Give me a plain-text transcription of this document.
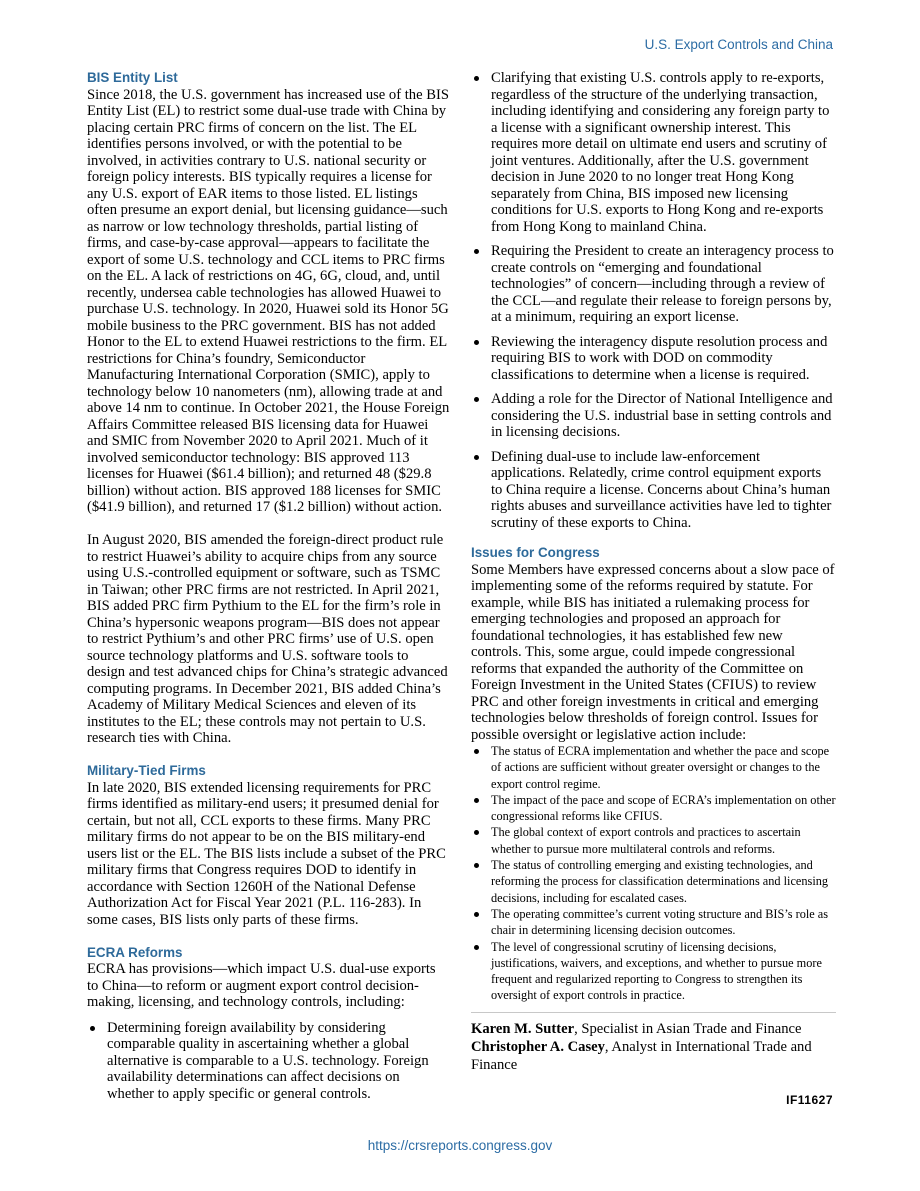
U.S. Export Controls and China
BIS Entity List

Since 2018, the U.S. government has increased use of the BIS Entity List (EL) to restrict some dual-use trade with China by placing certain PRC firms of concern on the list. The EL identifies persons involved, or with the potential to be involved, in activities contrary to U.S. national security or foreign policy interests. BIS typically requires a license for any U.S. export of EAR items to those listed. EL listings often presume an export denial, but licensing guidance—such as narrow or low technology thresholds, partial listing of firms, and case-by-case approval—appears to facilitate the export of some U.S. technology and CCL items to PRC firms on the EL. A lack of restrictions on 4G, 6G, cloud, and, until recently, undersea cable technologies has allowed Huawei to purchase U.S. technology. In 2020, Huawei sold its Honor 5G mobile business to the PRC government. BIS has not added Honor to the EL to extend Huawei restrictions to the firm. EL restrictions for China’s foundry, Semiconductor Manufacturing International Corporation (SMIC), apply to technology below 10 nanometers (nm), allowing trade at and above 14 nm to continue. In October 2021, the House Foreign Affairs Committee released BIS licensing data for Huawei and SMIC from November 2020 to April 2021. Much of it involved semiconductor technology: BIS approved 113 licenses for Huawei ($61.4 billion); and returned 48 ($29.8 billion) without action. BIS approved 188 licenses for SMIC ($41.9 billion), and returned 17 ($1.2 billion) without action.

In August 2020, BIS amended the foreign-direct product rule to restrict Huawei’s ability to acquire chips from any source using U.S.-controlled equipment or software, such as TSMC in Taiwan; other PRC firms are not restricted. In April 2021, BIS added PRC firm Pythium to the EL for the firm’s role in China’s hypersonic weapons program—BIS does not appear to restrict Pythium’s and other PRC firms’ use of U.S. open source technology platforms and U.S. software tools to design and test advanced chips for China’s strategic advanced computing programs. In December 2021, BIS added China’s Academy of Military Medical Sciences and eleven of its institutes to the EL; these controls may not pertain to U.S. research ties with China.

Military-Tied Firms

In late 2020, BIS extended licensing requirements for PRC firms identified as military-end users; it presumed denial for certain, but not all, CCL exports to these firms. Many PRC military firms do not appear to be on the BIS military-end users list or the EL. The BIS lists include a subset of the PRC military firms that Congress requires DOD to identify in accordance with Section 1260H of the National Defense Authorization Act for Fiscal Year 2021 (P.L. 116-283). In some cases, BIS lists only parts of these firms.

ECRA Reforms

ECRA has provisions—which impact U.S. dual-use exports to China—to reform or augment export control decision-making, licensing, and technology controls, including:

Determining foreign availability by considering comparable quality in ascertaining whether a global alternative is comparable to a U.S. technology. Foreign availability determinations can affect decisions on whether to apply specific or general controls.
Clarifying that existing U.S. controls apply to re-exports, regardless of the structure of the underlying transaction, including identifying and considering any foreign party to a license with a significant ownership interest. This requires more detail on ultimate end users and scrutiny of joint ventures. Additionally, after the U.S. government decision in June 2020 to no longer treat Hong Kong separately from China, BIS imposed new licensing conditions for U.S. exports to Hong Kong and re-exports from Hong Kong to mainland China.
Requiring the President to create an interagency process to create controls on “emerging and foundational technologies” of concern—including through a review of the CCL—and regulate their release to foreign persons by, at a minimum, requiring an export license.
Reviewing the interagency dispute resolution process and requiring BIS to work with DOD on commodity classifications to determine when a license is required.
Adding a role for the Director of National Intelligence and considering the U.S. industrial base in setting controls and in licensing decisions.
Defining dual-use to include law-enforcement applications. Relatedly, crime control equipment exports to China require a license. Concerns about China’s human rights abuses and surveillance activities have led to tighter scrutiny of these exports to China.
Issues for Congress

Some Members have expressed concerns about a slow pace of implementing some of the reforms required by statute. For example, while BIS has initiated a rulemaking process for emerging technologies and proposed an approach for foundational technologies, it has established few new controls. This, some argue, could impede congressional reforms that expanded the authority of the Committee on Foreign Investment in the United States (CFIUS) to review PRC and other foreign investments in critical and emerging technologies below thresholds of foreign control. Issues for possible oversight or legislative action include:

The status of ECRA implementation and whether the pace and scope of actions are sufficient without greater oversight or changes to the export control regime.
The impact of the pace and scope of ECRA’s implementation on other congressional reforms like CFIUS.
The global context of export controls and practices to ascertain whether to pursue more multilateral controls and reforms.
The status of controlling emerging and existing technologies, and reforming the process for classification determinations and licensing decisions, including for escalated cases.
The operating committee’s current voting structure and BIS’s role as chair in determining licensing decision outcomes.
The level of congressional scrutiny of licensing decisions, justifications, waivers, and exceptions, and whether to pursue more frequent and regularized reporting to Congress to strengthen its oversight of export controls in practice.
Karen M. Sutter, Specialist in Asian Trade and Finance
Christopher A. Casey, Analyst in International Trade and Finance
IF11627
https://crsreports.congress.gov
